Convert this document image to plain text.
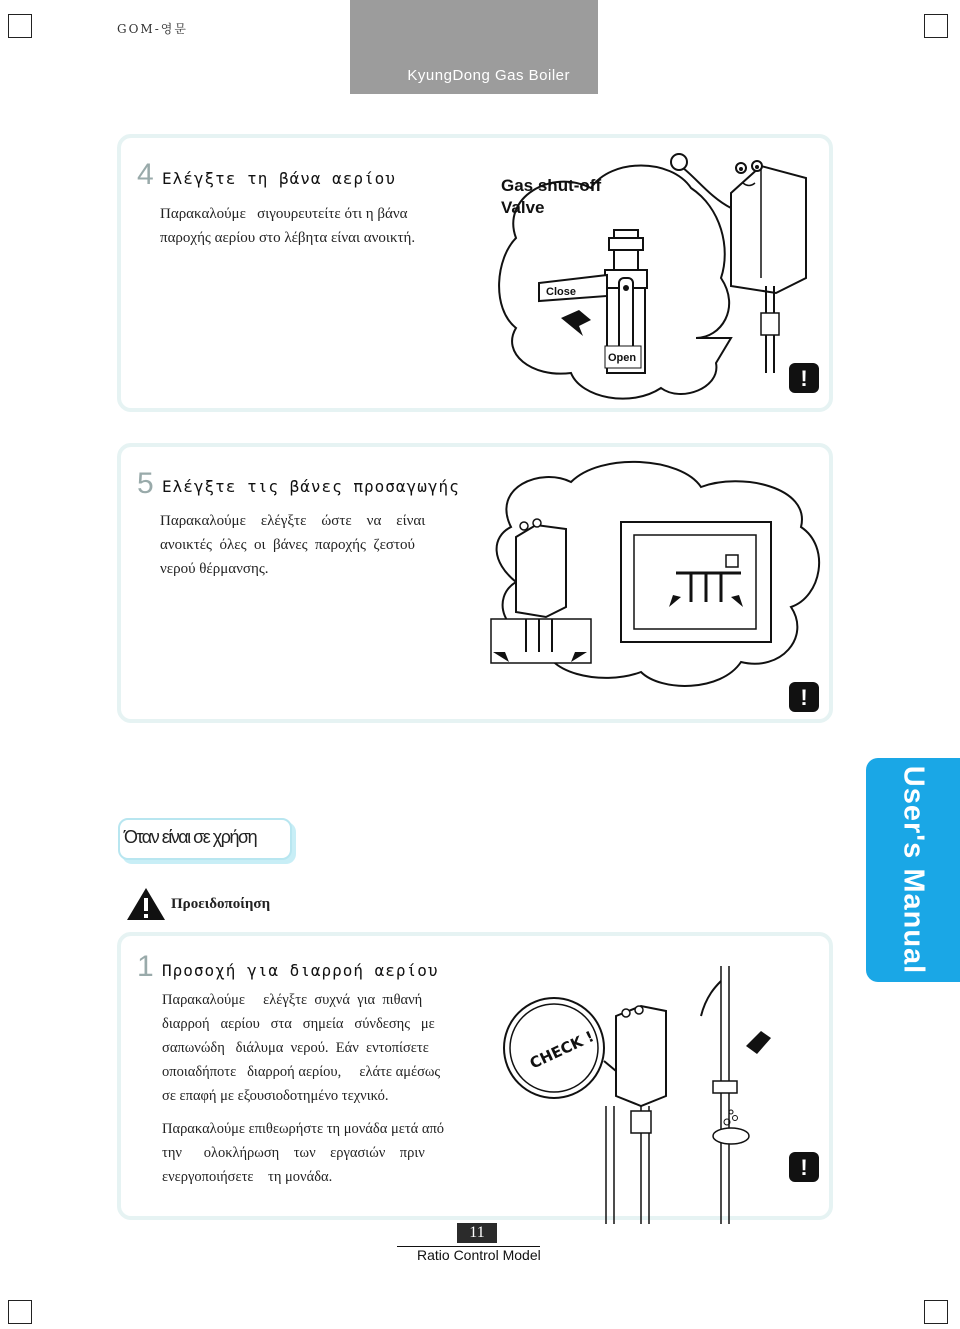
GOM-영문
KyungDong Gas Boiler
4 Ελέγξτε τη βάνα αερίου
Παρακαλούμε   σιγουρευτείτε ότι η βάνα
παροχής αερίου στο λέβητα είναι ανοικτή.
Gas shut-off
Valve
Close
Open
!
5 Ελέγξτε τις βάνες προσαγωγής
Παρακαλούμε    ελέγξτε    ώστε    να    είναι
ανοικτές  όλες  οι  βάνες  παροχής  ζεστού
νερού θέρμανσης.
!
Όταν είναι σε χρήση
Προειδοποίηση	User's Manual
1 Προσοχή για διαρροή αερίου
Παρακαλούμε     ελέγξτε  συχνά  για  πιθανή
διαρροή   αερίου   στα   σημεία   σύνδεσης   με
σαπωνώδη   διάλυμα  νερού.  Εάν  εντοπίσετε
οποιαδήποτε   διαρροή αερίου,     ελάτε αμέσως
σε επαφή με εξουσιοδοτημένο τεχνικό.
Παρακαλούμε επιθεωρήστε τη μονάδα μετά από
την      ολοκλήρωση    των    εργασιών    πριν
ενεργοποιήσετε    τη μονάδα.
CHECK !
!
11
Ratio Control Model
